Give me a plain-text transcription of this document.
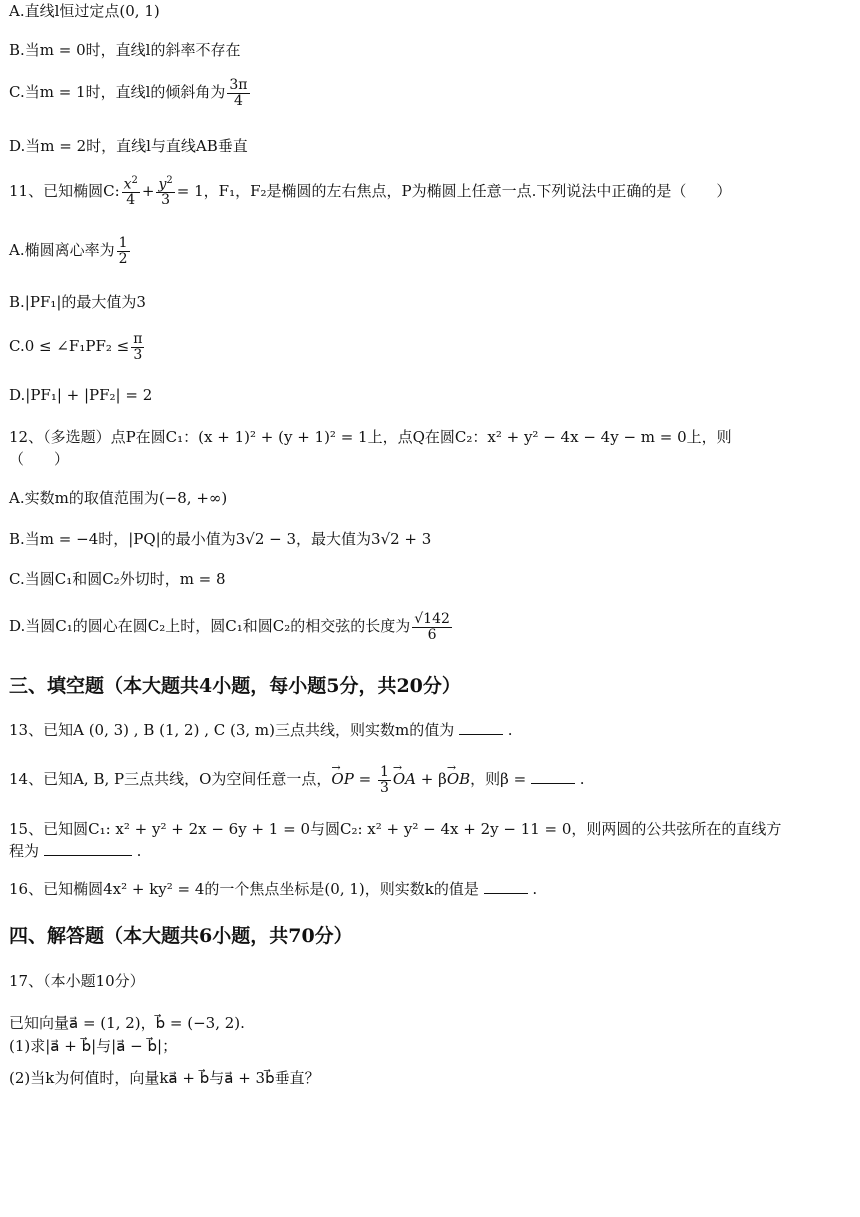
A.直线l恒过定点(0, 1)
B.当m = 0时，直线l的斜率不存在
C.当m = 1时，直线l的倾斜角为 $\frac{3\pi}{4}$
D.当m = 2时，直线l与直线AB垂直
11、已知椭圆C: $\frac{x^2}{4} + \frac{y^2}{3} = 1$，F₁，F₂是椭圆的左右焦点，P为椭圆上任意一点.下列说法中正确的是（　　）
A.椭圆离心率为 $\frac{1}{2}$
B.|PF₁|的最大值为3
C.0 ≤ ∠F₁PF₂ ≤ $\frac{\pi}{3}$
D.|PF₁| + |PF₂| = 2
12、（多选题）点P在圆C₁：(x + 1)² + (y + 1)² = 1上，点Q在圆C₂：x² + y² − 4x − 4y − m = 0上，则
（　　）
A.实数m的取值范围为(−8, +∞)
B.当m = −4时，|PQ|的最小值为3√2 − 3，最大值为3√2 + 3
C.当圆C₁和圆C₂外切时，m = 8
D.当圆C₁的圆心在圆C₂上时，圆C₁和圆C₂的相交弦的长度为 $\frac{√142}{6}$
三、填空题（本大题共4小题，每小题5分，共20分）
13、已知A (0, 3) , B (1, 2) , C (3, m)三点共线，则实数m的值为	.
14、已知A, B, P三点共线，O为空间任意一点，→ OP = $\frac{1}{3}$
→ OA + β→ OB，则β =	.
15、已知圆C₁: x² + y² + 2x − 6y + 1 = 0与圆C₂: x² + y² − 4x + 2y − 11 = 0，则两圆的公共弦所在的直线方
程为	.
16、已知椭圆4x² + ky² = 4的一个焦点坐标是(0, 1)，则实数k的值是	.
四、解答题（本大题共6小题，共70分）
17、（本小题10分）
已知向量a⃗ = (1, 2)，b⃗ = (−3, 2).
(1)求|a⃗ + b⃗|与|a⃗ − b⃗|；
(2)当k为何值时，向量ka⃗ + b⃗与a⃗ + 3b⃗垂直？
